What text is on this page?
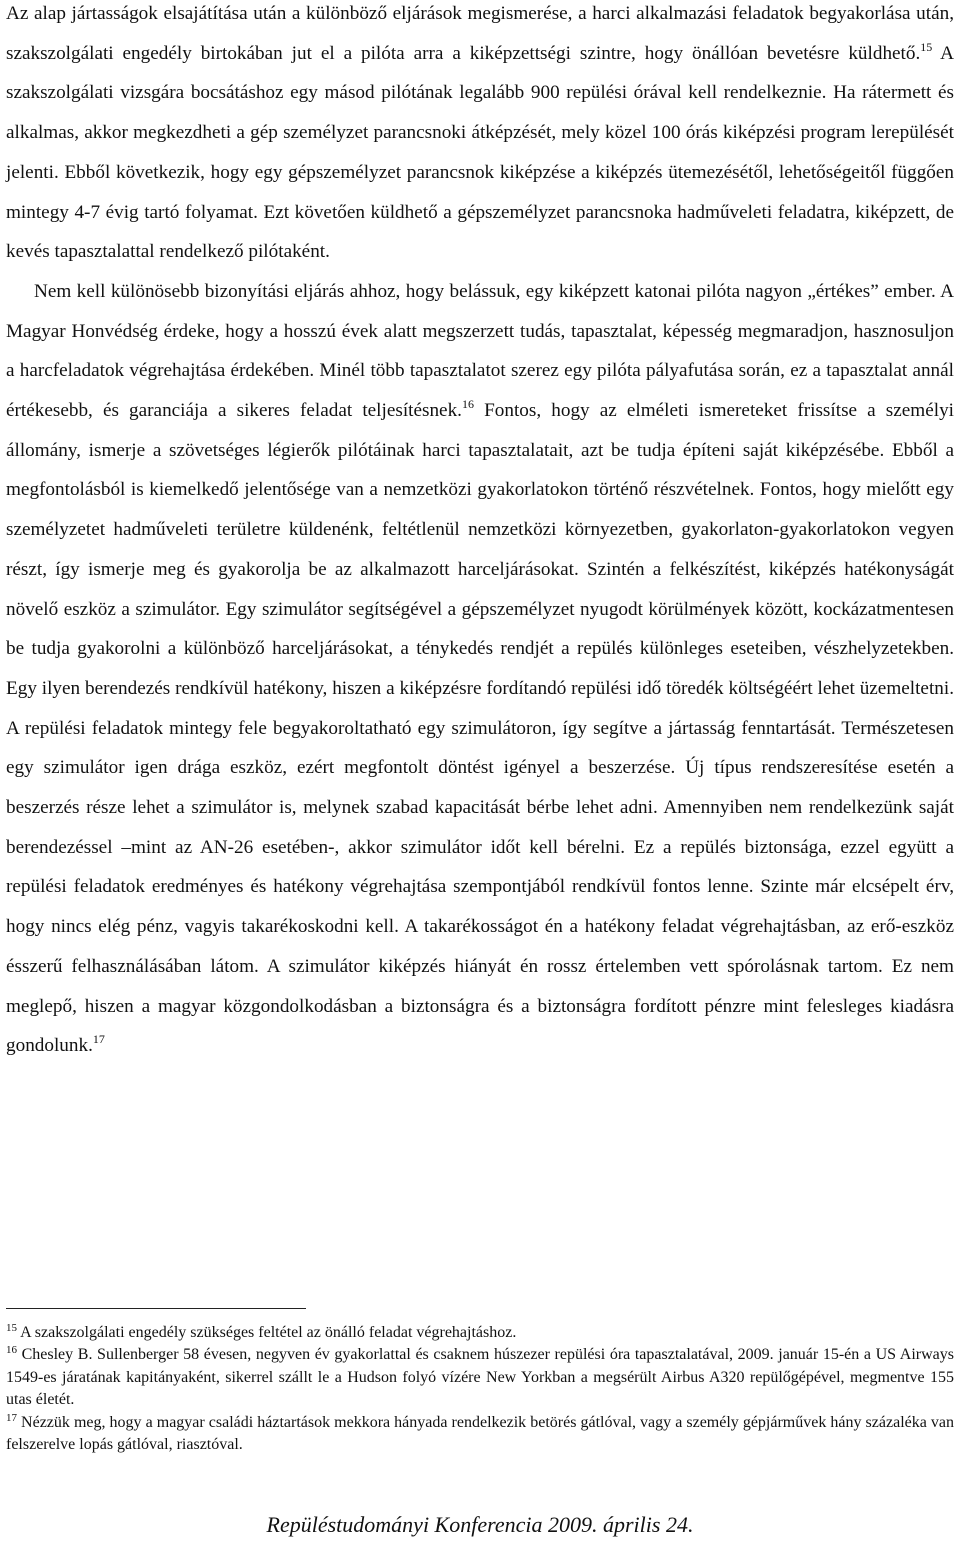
Az alap jártasságok elsajátítása után a különböző eljárások megismerése, a harci alkalmazási feladatok begyakorlása után, szakszolgálati engedély birtokában jut el a pilóta arra a kiképzettségi szintre, hogy önállóan bevetésre küldhető.$^{15}$ A szakszolgálati vizsgára bocsátáshoz egy másod pilótának legalább 900 repülési órával kell rendelkeznie. Ha rátermett és alkalmas, akkor megkezdheti a gép személyzet parancsnoki átképzését, mely közel 100 órás kiképzési program lerepülését jelenti. Ebből következik, hogy egy gépszemélyzet parancsnok kiképzése a kiképzés ütemezésétől, lehetőségeitől függően mintegy 4-7 évig tartó folyamat. Ezt követően küldhető a gépszemélyzet parancsnoka hadműveleti feladatra, kiképzett, de kevés tapasztalattal rendelkező pilótaként.

Nem kell különösebb bizonyítási eljárás ahhoz, hogy belássuk, egy kiképzett katonai pilóta nagyon „értékes” ember. A Magyar Honvédség érdeke, hogy a hosszú évek alatt megszerzett tudás, tapasztalat, képesség megmaradjon, hasznosuljon a harcfeladatok végrehajtása érdekében. Minél több tapasztalatot szerez egy pilóta pályafutása során, ez a tapasztalat annál értékesebb, és garanciája a sikeres feladat teljesítésnek.$^{16}$ Fontos, hogy az elméleti ismereteket frissítse a személyi állomány, ismerje a szövetséges légierők pilótáinak harci tapasztalatait, azt be tudja építeni saját kiképzésébe. Ebből a megfontolásból is kiemelkedő jelentősége van a nemzetközi gyakorlatokon történő részvételnek. Fontos, hogy mielőtt egy személyzetet hadműveleti területre küldenénk, feltétlenül nemzetközi környezetben, gyakorlaton-gyakorlatokon vegyen részt, így ismerje meg és gyakorolja be az alkalmazott harceljárásokat. Szintén a felkészítést, kiképzés hatékonyságát növelő eszköz a szimulátor. Egy szimulátor segítségével a gépszemélyzet nyugodt körülmények között, kockázatmentesen be tudja gyakorolni a különböző harceljárásokat, a ténykedés rendjét a repülés különleges eseteiben, vészhelyzetekben. Egy ilyen berendezés rendkívül hatékony, hiszen a kiképzésre fordítandó repülési idő töredék költségéért lehet üzemeltetni. A repülési feladatok mintegy fele begyakoroltatható egy szimulátoron, így segítve a jártasság fenntartását. Természetesen egy szimulátor igen drága eszköz, ezért megfontolt döntést igényel a beszerzése. Új típus rendszeresítése esetén a beszerzés része lehet a szimulátor is, melynek szabad kapacitását bérbe lehet adni. Amennyiben nem rendelkezünk saját berendezéssel ‒mint az AN-26 esetében-, akkor szimulátor időt kell bérelni. Ez a repülés biztonsága, ezzel együtt a repülési feladatok eredményes és hatékony végrehajtása szempontjából rendkívül fontos lenne. Szinte már elcsépelt érv, hogy nincs elég pénz, vagyis takarékoskodni kell. A takarékosságot én a hatékony feladat végrehajtásban, az erő-eszköz ésszerű felhasználásában látom. A szimulátor kiképzés hiányát én rossz értelemben vett spórolásnak tartom. Ez nem meglepő, hiszen a magyar közgondolkodásban a biztonságra és a biztonságra fordított pénzre mint felesleges kiadásra gondolunk.$^{17}$

$^{15}$ A szakszolgálati engedély szükséges feltétel az önálló feladat végrehajtáshoz.

$^{16}$ Chesley B. Sullenberger 58 évesen, negyven év gyakorlattal és csaknem húszezer repülési óra tapasztalatával, 2009. január 15-én a US Airways 1549-es járatának kapitányaként, sikerrel szállt le a Hudson folyó vízére New Yorkban a megsérült Airbus A320 repülőgépével, megmentve 155 utas életét.

$^{17}$ Nézzük meg, hogy a magyar családi háztartások mekkora hányada rendelkezik betörés gátlóval, vagy a személy gépjárművek hány százaléka van felszerelve lopás gátlóval, riasztóval.

Repüléstudományi Konferencia 2009. április 24.
